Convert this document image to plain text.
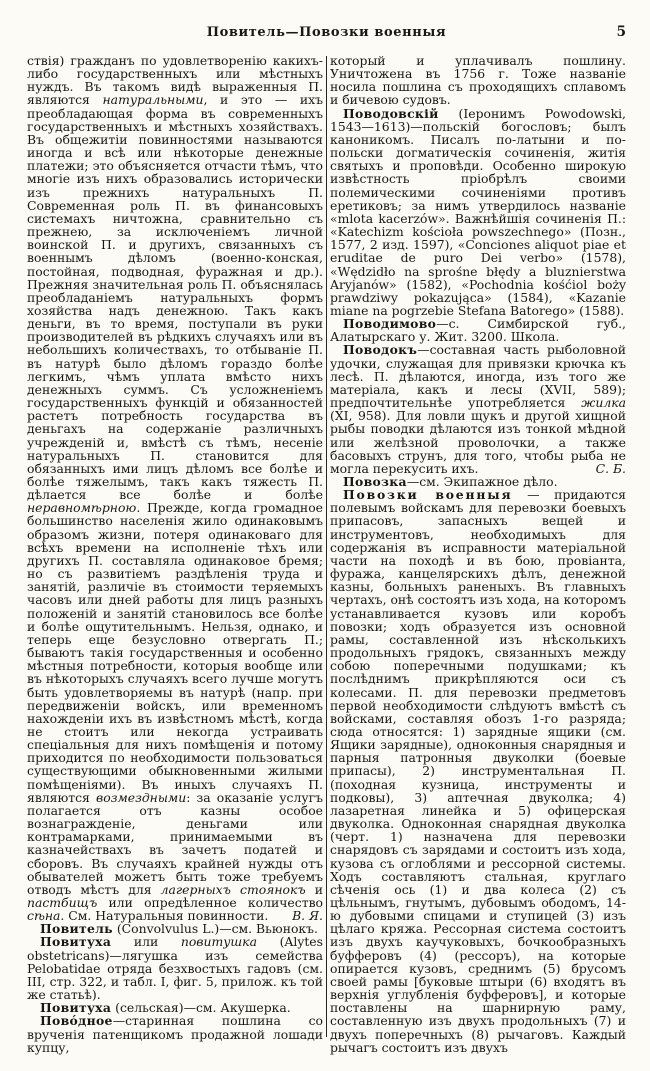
Повитель—Повозки военныя	5

ствія) гражданъ по удовлетворенію какихъ-либо государственныхъ или мѣстныхъ нуждъ. Въ такомъ видѣ выраженныя П. являются натуральными, и это — ихъ преобладающая форма въ современныхъ государственныхъ и мѣстныхъ хозяйствахъ. Въ общежитіи повинностями называются иногда и всѣ или нѣкоторые денежные платежи; это объясняется отчасти тѣмъ, что многіе изъ нихъ образовались исторически изъ прежнихъ натуральныхъ П. Современная роль П. въ финансовыхъ системахъ ничтожна, сравнительно съ прежнею, за исключеніемъ личной воинской П. и другихъ, связанныхъ съ военнымъ дѣломъ (военно-конская, постойная, подводная, фуражная и др.). Прежняя значительная роль П. объяснялась преобладаніемъ натуральныхъ формъ хозяйства надъ денежною. Такъ какъ деньги, въ то время, поступали въ руки производителей въ рѣдкихъ случаяхъ или въ небольшихъ количествахъ, то отбываніе П. въ натурѣ было дѣломъ гораздо болѣе легкимъ, чѣмъ уплата вмѣсто нихъ денежныхъ суммъ. Съ усложненіемъ государственныхъ функцій и обязанностей растетъ потребность государства въ деньгахъ на содержаніе различныхъ учрежденій и, вмѣстѣ съ тѣмъ, несеніе натуральныхъ П. становится для обязанныхъ ими лицъ дѣломъ все болѣе и болѣе тяжелымъ, такъ какъ тяжесть П. дѣлается все болѣе и болѣе неравномѣрною. Прежде, когда громадное большинство населенія жило одинаковымъ образомъ жизни, потеря одинаковаго для всѣхъ времени на исполненіе тѣхъ или другихъ П. составляла одинаковое бремя; но съ развитіемъ раздѣленія труда и занятій, различіе въ стоимости теряемыхъ часовъ или дней работы для лицъ разныхъ положеній и занятій становилось все болѣе и болѣе ощутительнымъ. Нельзя, однако, и теперь еще безусловно отвергать П.; бываютъ такія государственныя и особенно мѣстныя потребности, которыя вообще или въ нѣкоторыхъ случаяхъ всего лучше могутъ быть удовлетворяемы въ натурѣ (напр. при передвиженіи войскъ, или временномъ нахожденіи ихъ въ извѣстномъ мѣстѣ, когда не стоитъ или некогда устраивать спеціальныя для нихъ помѣщенія и потому приходится по необходимости пользоваться существующими обыкновенными жилыми помѣщеніями). Въ иныхъ случаяхъ П. являются возмездными: за оказаніе услугъ полагается отъ казны особое вознагражденіе, деньгами или контрамарками, принимаемыми въ казначействахъ въ зачетъ податей и сборовъ. Въ случаяхъ крайней нужды отъ обывателей можетъ быть тоже требуемъ отводъ мѣстъ для лагерныхъ стоянокъ и пастбищъ или опредѣленное количество сѣна. См. Натуральныя повинности.	В. Я.

Повитель (Convolvulus L.)—см. Вьюнокъ.

Повитуха или повитушка (Alytes obstetricans)—лягушка изъ семейства Pelobatidae отряда безхвостыхъ гадовъ (см. III, стр. 322, и табл. I, фиг. 5, прилож. къ той же статьѣ).

Повитуха (сельская)—см. Акушерка.

Повóдное—старинная пошлина со врученія патенщикомъ продажной лошади купцу,

который и уплачивалъ пошлину. Уничтожена въ 1756 г. Тоже названіе носила пошлина съ проходящихъ сплавомъ и бичевою судовъ.

Поводовскій (Іеронимъ Powodowski, 1543—1613)—польскій богословъ; былъ каноникомъ. Писалъ по-латыни и по-польски догматическія сочиненія, житія святыхъ и проповѣди. Особенно широкую извѣстность пріобрѣлъ своими полемическими сочиненіями противъ еретиковъ; за нимъ утвердилось названіе «mlota kacerzów». Важнѣйшія сочиненія П.: «Katechizm kościoła powszechnego» (Позн., 1577, 2 изд. 1597), «Conciones aliquot piae et eruditae de puro Dei verbo» (1578), «Wędzidło na sprośne błędy a bluznierstwa Aryjanów» (1582), «Pochodnia kośćiol boży prawdziwy pokazująca» (1584), «Kazanie miane na pogrzebie Stefana Batorego» (1588).

Поводимово—с. Симбирской губ., Алатырскаго у. Жит. 3200. Школа.

Поводокъ—составная часть рыболовной удочки, служащая для привязки крючка къ лесѣ. П. дѣлаются, иногда, изъ того же матеріала, какъ и лесы (XVII, 589); предпочтительнѣе употребляется жилка (XI, 958). Для ловли щукъ и другой хищной рыбы поводки дѣлаются изъ тонкой мѣдной или желѣзной проволочки, а также басовыхъ струнъ, для того, чтобы рыба не могла перекусить ихъ.	С. Б.

Повозка—см. Экипажное дѣло.

Повозки военныя — придаются полевымъ войскамъ для перевозки боевыхъ припасовъ, запасныхъ вещей и инструментовъ, необходимыхъ для содержанія въ исправности матеріальной части на походѣ и въ бою, провіанта, фуража, канцелярскихъ дѣлъ, денежной казны, больныхъ раненыхъ. Въ главныхъ чертахъ, онѣ состоятъ изъ хода, на которомъ устанавливается кузовъ или коробъ повозки; ходъ образуется изъ основной рамы, составленной изъ нѣсколькихъ продольныхъ грядокъ, связанныхъ между собою поперечными подушками; къ послѣднимъ прикрѣпляются оси съ колесами. П. для перевозки предметовъ первой необходимости слѣдуютъ вмѣстѣ съ войсками, составляя обозъ 1-го разряда; сюда относятся: 1) зарядные ящики (см. Ящики зарядные), одноконныя снарядныя и парныя патронныя двуколки (боевые припасы), 2) инструментальная П. (походная кузница, инструменты и подковы), 3) аптечная двуколка; 4) лазаретная линейка и 5) офицерская двуколка. Одноконная снарядная двуколка (черт. 1) назначена для перевозки снарядовъ съ зарядами и состоитъ изъ хода, кузова съ оглоблями и рессорной системы. Ходъ составляютъ стальная, круглаго сѣченія ось (1) и два колеса (2) съ цѣльнымъ, гнутымъ, дубовымъ ободомъ, 14-ю дубовыми спицами и ступицей (3) изъ цѣлаго кряжа. Рессорная система состоитъ изъ двухъ каучуковыхъ, бочкообразныхъ буфферовъ (4) (рессоръ), на которые опирается кузовъ, среднимъ (5) брусомъ своей рамы [буковые штыри (6) входятъ въ верхнія углубленія буфферовъ], и которые поставлены на шарнирную раму, составленную изъ двухъ продольныхъ (7) и двухъ поперечныхъ (8) рычаговъ. Каждый рычагъ состоитъ изъ двухъ
